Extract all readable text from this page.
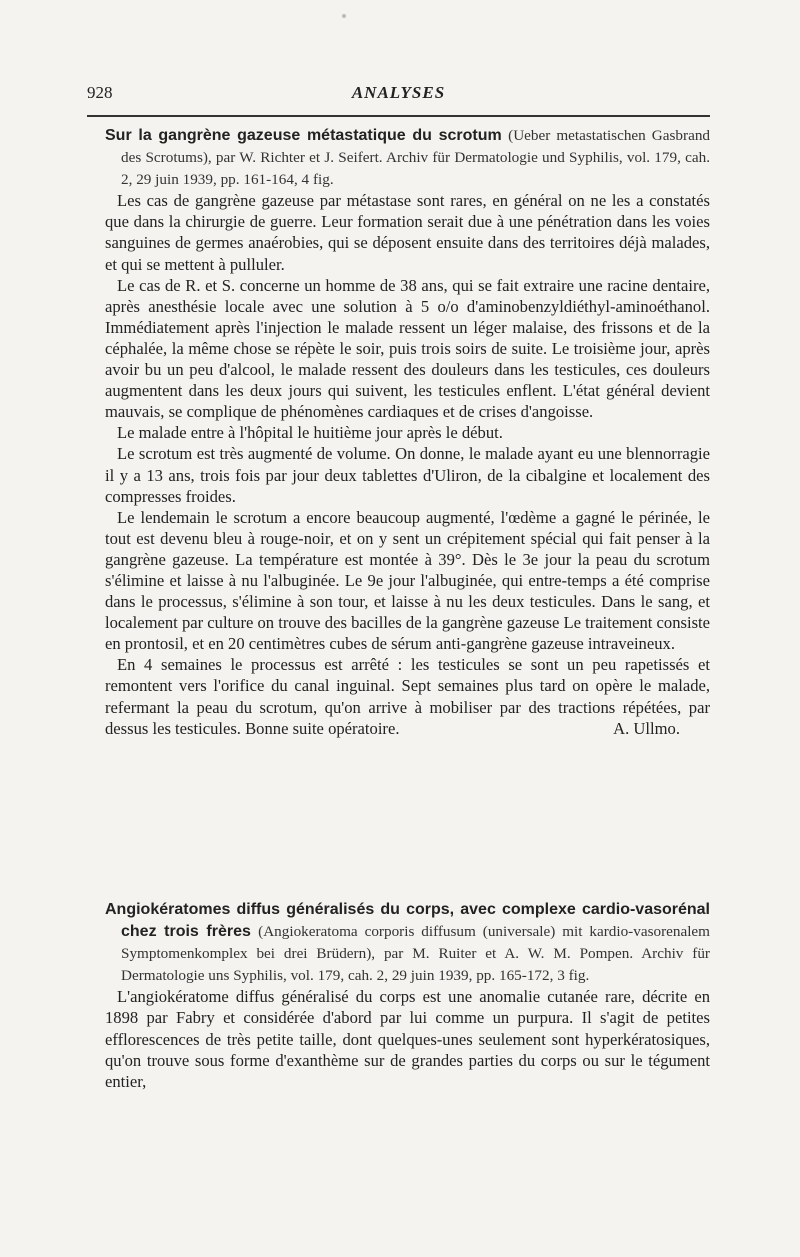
928	ANALYSES

Sur la gangrène gazeuse métastatique du scrotum (Ueber metastatischen Gasbrand des Scrotums), par W. Richter et J. Seifert. Archiv für Dermatologie und Syphilis, vol. 179, cah. 2, 29 juin 1939, pp. 161-164, 4 fig.

Les cas de gangrène gazeuse par métastase sont rares, en général on ne les a constatés que dans la chirurgie de guerre. Leur formation serait due à une pénétration dans les voies sanguines de germes anaérobies, qui se déposent ensuite dans des territoires déjà malades, et qui se mettent à pulluler.

Le cas de R. et S. concerne un homme de 38 ans, qui se fait extraire une racine dentaire, après anesthésie locale avec une solution à 5 o/o d'aminobenzyldiéthyl-aminoéthanol. Immédiatement après l'injection le malade ressent un léger malaise, des frissons et de la céphalée, la même chose se répète le soir, puis trois soirs de suite. Le troisième jour, après avoir bu un peu d'alcool, le malade ressent des douleurs dans les testicules, ces douleurs augmentent dans les deux jours qui suivent, les testicules enflent. L'état général devient mauvais, se complique de phénomènes cardiaques et de crises d'angoisse.

Le malade entre à l'hôpital le huitième jour après le début.

Le scrotum est très augmenté de volume. On donne, le malade ayant eu une blennorragie il y a 13 ans, trois fois par jour deux tablettes d'Uliron, de la cibalgine et localement des compresses froides.

Le lendemain le scrotum a encore beaucoup augmenté, l'œdème a gagné le périnée, le tout est devenu bleu à rouge-noir, et on y sent un crépitement spécial qui fait penser à la gangrène gazeuse. La température est montée à 39°. Dès le 3e jour la peau du scrotum s'élimine et laisse à nu l'albuginée. Le 9e jour l'albuginée, qui entre-temps a été comprise dans le processus, s'élimine à son tour, et laisse à nu les deux testicules. Dans le sang, et localement par culture on trouve des bacilles de la gangrène gazeuse Le traitement consiste en prontosil, et en 20 centimètres cubes de sérum anti-gangrène gazeuse intraveineux.

En 4 semaines le processus est arrêté : les testicules se sont un peu rapetissés et remontent vers l'orifice du canal inguinal. Sept semaines plus tard on opère le malade, refermant la peau du scrotum, qu'on arrive à mobiliser par des tractions répétées, par dessus les testicules. Bonne suite opératoire.	A. Ullmo.

Angiokératomes diffus généralisés du corps, avec complexe cardio-vasorénal chez trois frères (Angiokeratoma corporis diffusum (universale) mit kardio-vasorenalem Symptomenkomplex bei drei Brüdern), par M. Ruiter et A. W. M. Pompen. Archiv für Dermatologie uns Syphilis, vol. 179, cah. 2, 29 juin 1939, pp. 165-172, 3 fig.

L'angiokératome diffus généralisé du corps est une anomalie cutanée rare, décrite en 1898 par Fabry et considérée d'abord par lui comme un purpura. Il s'agit de petites efflorescences de très petite taille, dont quelques-unes seulement sont hyperkératosiques, qu'on trouve sous forme d'exanthème sur de grandes parties du corps ou sur le tégument entier,
